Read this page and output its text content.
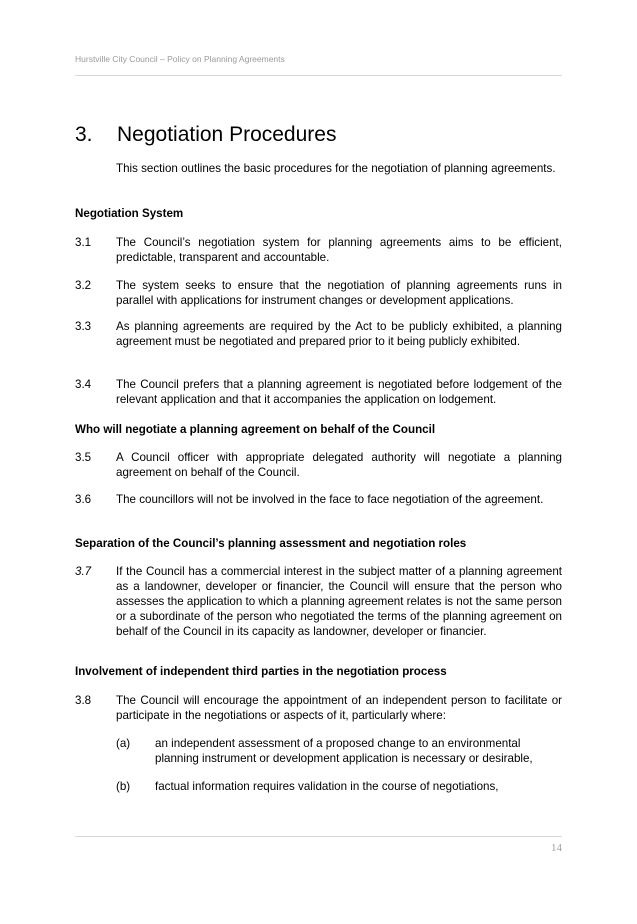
Hurstville City Council – Policy on Planning Agreements
3. Negotiation Procedures
This section outlines the basic procedures for the negotiation of planning agreements.
Negotiation System
3.1	The Council’s negotiation system for planning agreements aims to be efficient, predictable, transparent and accountable.
3.2	The system seeks to ensure that the negotiation of planning agreements runs in parallel with applications for instrument changes or development applications.
3.3	As planning agreements are required by the Act to be publicly exhibited, a planning agreement must be negotiated and prepared prior to it being publicly exhibited.
3.4	The Council prefers that a planning agreement is negotiated before lodgement of the relevant application and that it accompanies the application on lodgement.
Who will negotiate a planning agreement on behalf of the Council
3.5	A Council officer with appropriate delegated authority will negotiate a planning agreement on behalf of the Council.
3.6	The councillors will not be involved in the face to face negotiation of the agreement.
Separation of the Council’s planning assessment and negotiation roles
3.7	If the Council has a commercial interest in the subject matter of a planning agreement as a landowner, developer or financier, the Council will ensure that the person who assesses the application to which a planning agreement relates is not the same person or a subordinate of the person who negotiated the terms of the planning agreement on behalf of the Council in its capacity as landowner, developer or financier.
Involvement of independent third parties in the negotiation process
3.8	The Council will encourage the appointment of an independent person to facilitate or participate in the negotiations or aspects of it, particularly where:
(a) an independent assessment of a proposed change to an environmental planning instrument or development application is necessary or desirable,
(b) factual information requires validation in the course of negotiations,
14
